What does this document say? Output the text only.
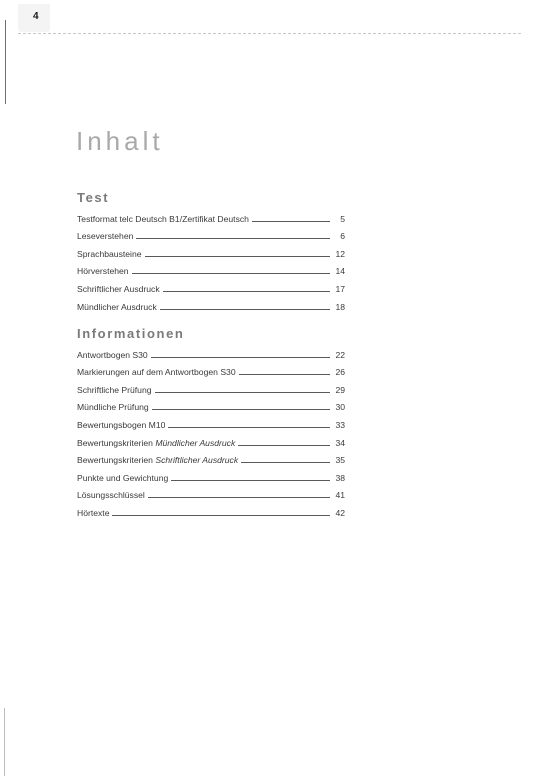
4
Inhalt
Test
Testformat telc Deutsch B1/Zertifikat Deutsch	5
Leseverstehen	6
Sprachbausteine	12
Hörverstehen	14
Schriftlicher Ausdruck	17
Mündlicher Ausdruck	18
Informationen
Antwortbogen S30	22
Markierungen auf dem Antwortbogen S30	26
Schriftliche Prüfung	29
Mündliche Prüfung	30
Bewertungsbogen M10	33
Bewertungskriterien Mündlicher Ausdruck	34
Bewertungskriterien Schriftlicher Ausdruck	35
Punkte und Gewichtung	38
Lösungsschlüssel	41
Hörtexte	42
